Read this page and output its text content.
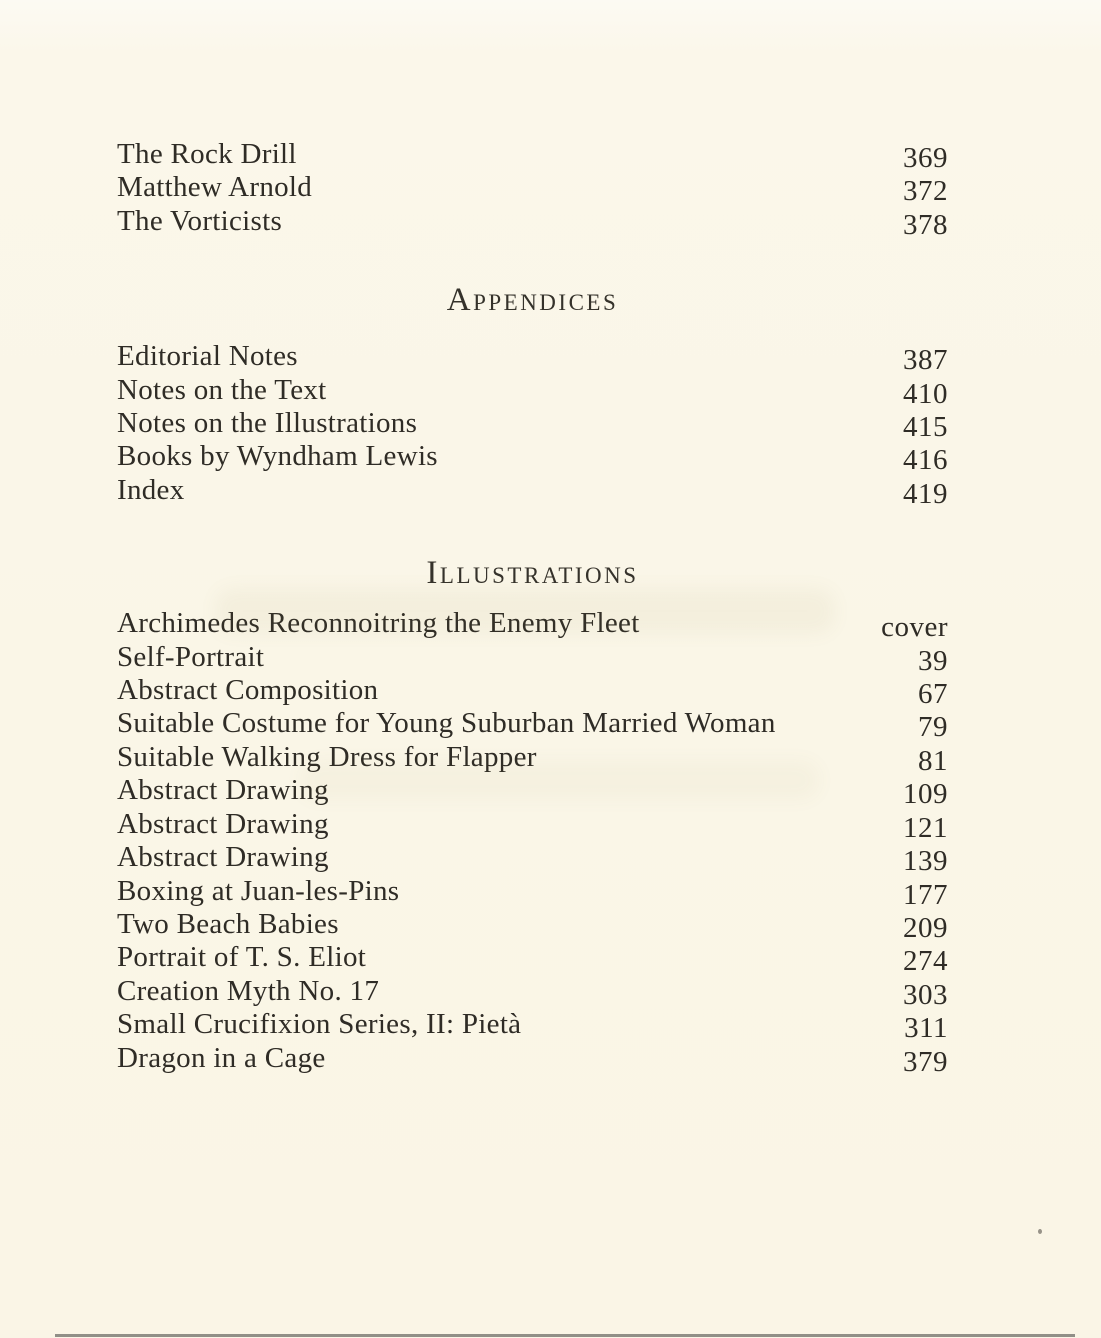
The Rock Drill	369
Matthew Arnold	372
The Vorticists	378
Appendices
Editorial Notes	387
Notes on the Text	410
Notes on the Illustrations	415
Books by Wyndham Lewis	416
Index	419
Illustrations
Archimedes Reconnoitring the Enemy Fleet	cover
Self-Portrait	39
Abstract Composition	67
Suitable Costume for Young Suburban Married Woman	79
Suitable Walking Dress for Flapper	81
Abstract Drawing	109
Abstract Drawing	121
Abstract Drawing	139
Boxing at Juan-les-Pins	177
Two Beach Babies	209
Portrait of T. S. Eliot	274
Creation Myth No. 17	303
Small Crucifixion Series, II: Pietà	311
Dragon in a Cage	379
